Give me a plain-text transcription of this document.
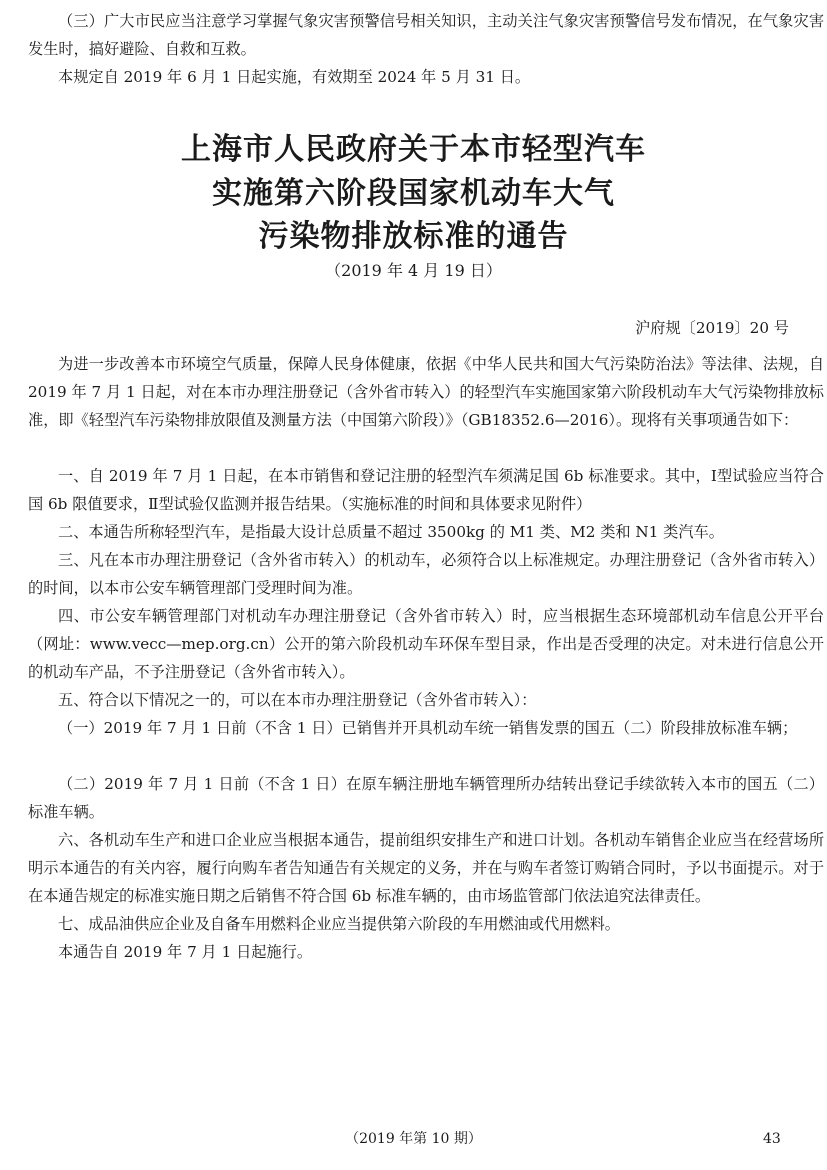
（三）广大市民应当注意学习掌握气象灾害预警信号相关知识，主动关注气象灾害预警信号发布情况，在气象灾害发生时，搞好避险、自救和互救。

本规定自 2019 年 6 月 1 日起实施，有效期至 2024 年 5 月 31 日。

上海市人民政府关于本市轻型汽车
实施第六阶段国家机动车大气
污染物排放标准的通告

（2019 年 4 月 19 日）

沪府规〔2019〕20 号

为进一步改善本市环境空气质量，保障人民身体健康，依据《中华人民共和国大气污染防治法》等法律、法规，自 2019 年 7 月 1 日起，对在本市办理注册登记（含外省市转入）的轻型汽车实施国家第六阶段机动车大气污染物排放标准，即《轻型汽车污染物排放限值及测量方法（中国第六阶段）》（GB18352.6—2016）。现将有关事项通告如下：

一、自 2019 年 7 月 1 日起，在本市销售和登记注册的轻型汽车须满足国 6b 标准要求。其中，Ⅰ型试验应当符合国 6b 限值要求，Ⅱ型试验仅监测并报告结果。（实施标准的时间和具体要求见附件）

二、本通告所称轻型汽车，是指最大设计总质量不超过 3500kg 的 M1 类、M2 类和 N1 类汽车。

三、凡在本市办理注册登记（含外省市转入）的机动车，必须符合以上标准规定。办理注册登记（含外省市转入）的时间，以本市公安车辆管理部门受理时间为准。

四、市公安车辆管理部门对机动车办理注册登记（含外省市转入）时，应当根据生态环境部机动车信息公开平台（网址：www.vecc—mep.org.cn）公开的第六阶段机动车环保车型目录，作出是否受理的决定。对未进行信息公开的机动车产品，不予注册登记（含外省市转入）。

五、符合以下情况之一的，可以在本市办理注册登记（含外省市转入）：

（一）2019 年 7 月 1 日前（不含 1 日）已销售并开具机动车统一销售发票的国五（二）阶段排放标准车辆；

（二）2019 年 7 月 1 日前（不含 1 日）在原车辆注册地车辆管理所办结转出登记手续欲转入本市的国五（二）标准车辆。

六、各机动车生产和进口企业应当根据本通告，提前组织安排生产和进口计划。各机动车销售企业应当在经营场所明示本通告的有关内容，履行向购车者告知通告有关规定的义务，并在与购车者签订购销合同时，予以书面提示。对于在本通告规定的标准实施日期之后销售不符合国 6b 标准车辆的，由市场监管部门依法追究法律责任。

七、成品油供应企业及自备车用燃料企业应当提供第六阶段的车用燃油或代用燃料。

本通告自 2019 年 7 月 1 日起施行。

（2019 年第 10 期）	43
